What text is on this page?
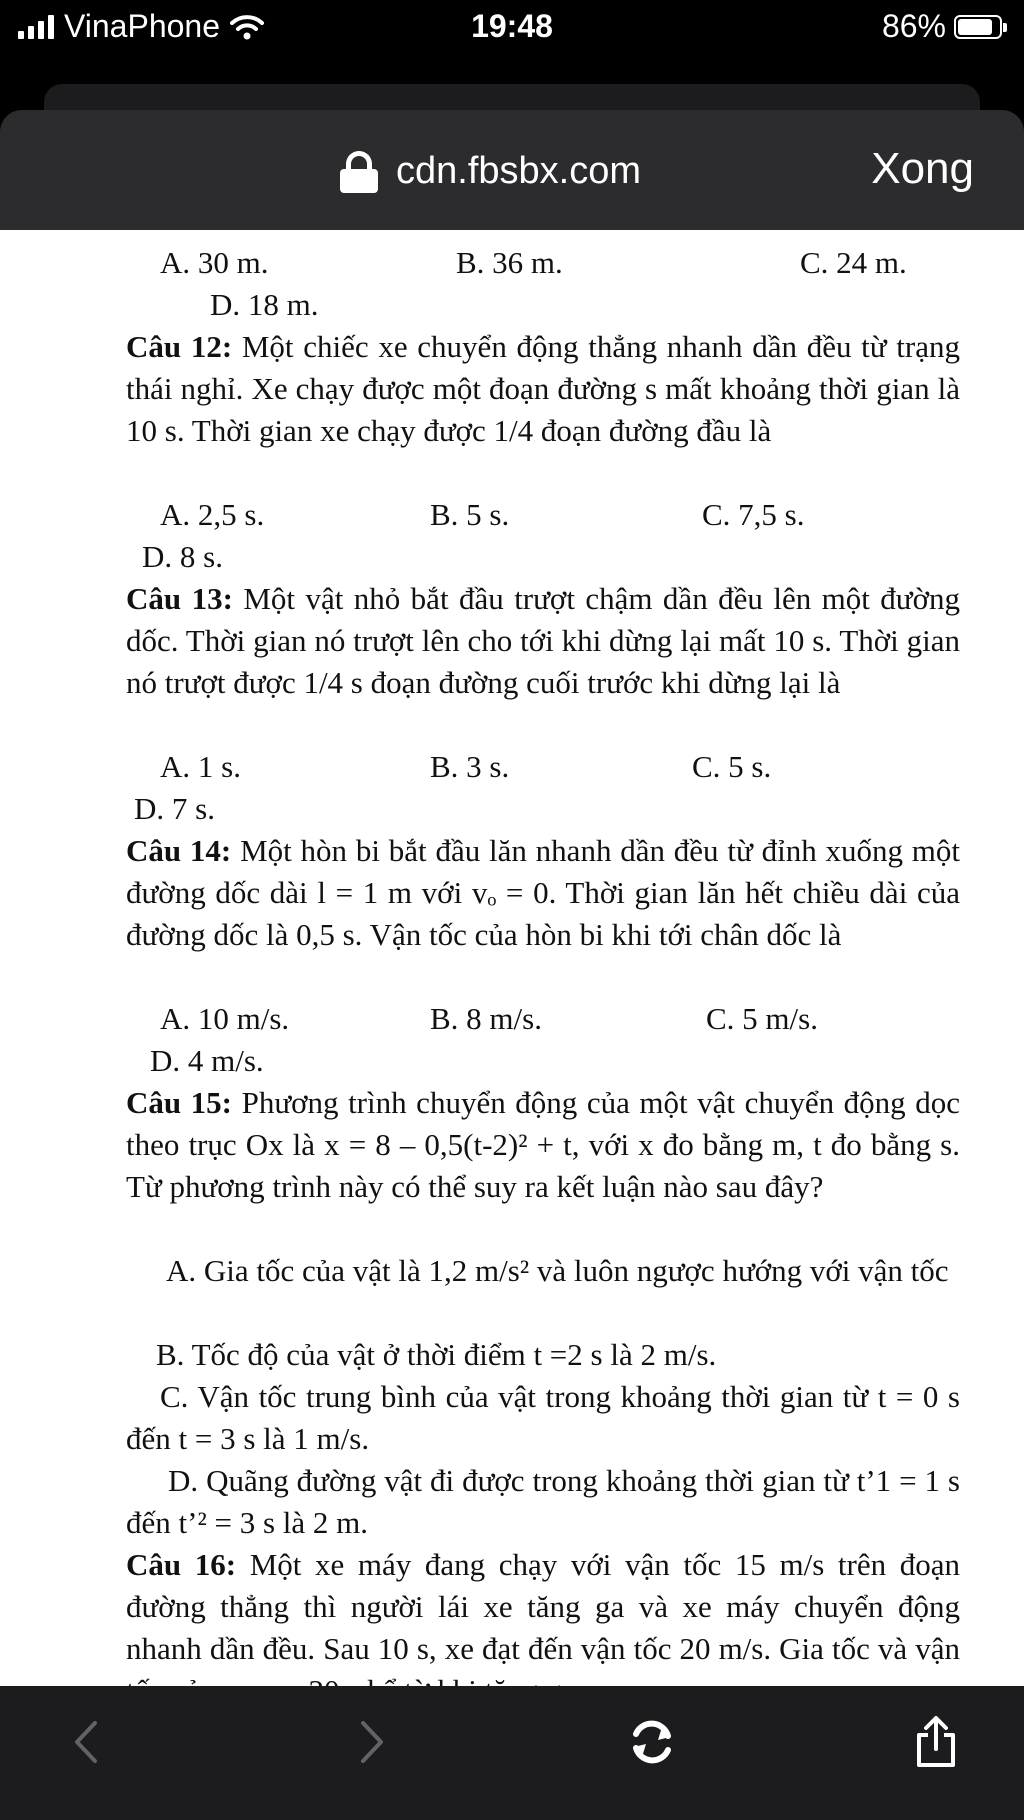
VinaPhone	19:48	86%
cdn.fbsbx.com	Xong
A. 30 m.	B. 36 m.	C. 24 m.
D. 18 m.
Câu 12: Một chiếc xe chuyển động thẳng nhanh dần đều từ trạng thái nghỉ. Xe chạy được một đoạn đường s mất khoảng thời gian là 10 s. Thời gian xe chạy được 1/4 đoạn đường đầu là
A. 2,5 s.	B. 5 s.	C. 7,5 s.
D. 8 s.
Câu 13: Một vật nhỏ bắt đầu trượt chậm dần đều lên một đường dốc. Thời gian nó trượt lên cho tới khi dừng lại mất 10 s. Thời gian nó trượt được 1/4 s đoạn đường cuối trước khi dừng lại là
A. 1 s.	B. 3 s.	C. 5 s.
D. 7 s.
Câu 14: Một hòn bi bắt đầu lăn nhanh dần đều từ đỉnh xuống một đường dốc dài l = 1 m với vₒ = 0. Thời gian lăn hết chiều dài của đường dốc là 0,5 s. Vận tốc của hòn bi khi tới chân dốc là
A. 10 m/s.	B. 8 m/s.	C. 5 m/s.
D. 4 m/s.
Câu 15: Phương trình chuyển động của một vật chuyển động dọc theo trục Ox là x = 8 – 0,5(t-2)² + t, với x đo bằng m, t đo bằng s. Từ phương trình này có thể suy ra kết luận nào sau đây?
A. Gia tốc của vật là 1,2 m/s² và luôn ngược hướng với vận tốc
B. Tốc độ của vật ở thời điểm t =2 s là 2 m/s.
C. Vận tốc trung bình của vật trong khoảng thời gian từ t = 0 s đến t = 3 s là 1 m/s.
D. Quãng đường vật đi được trong khoảng thời gian từ t’1 = 1 s đến t’² = 3 s là 2 m.
Câu 16: Một xe máy đang chạy với vận tốc 15 m/s trên đoạn đường thẳng thì người lái xe tăng ga và xe máy chuyển động nhanh dần đều. Sau 10 s, xe đạt đến vận tốc 20 m/s. Gia tốc và vận
